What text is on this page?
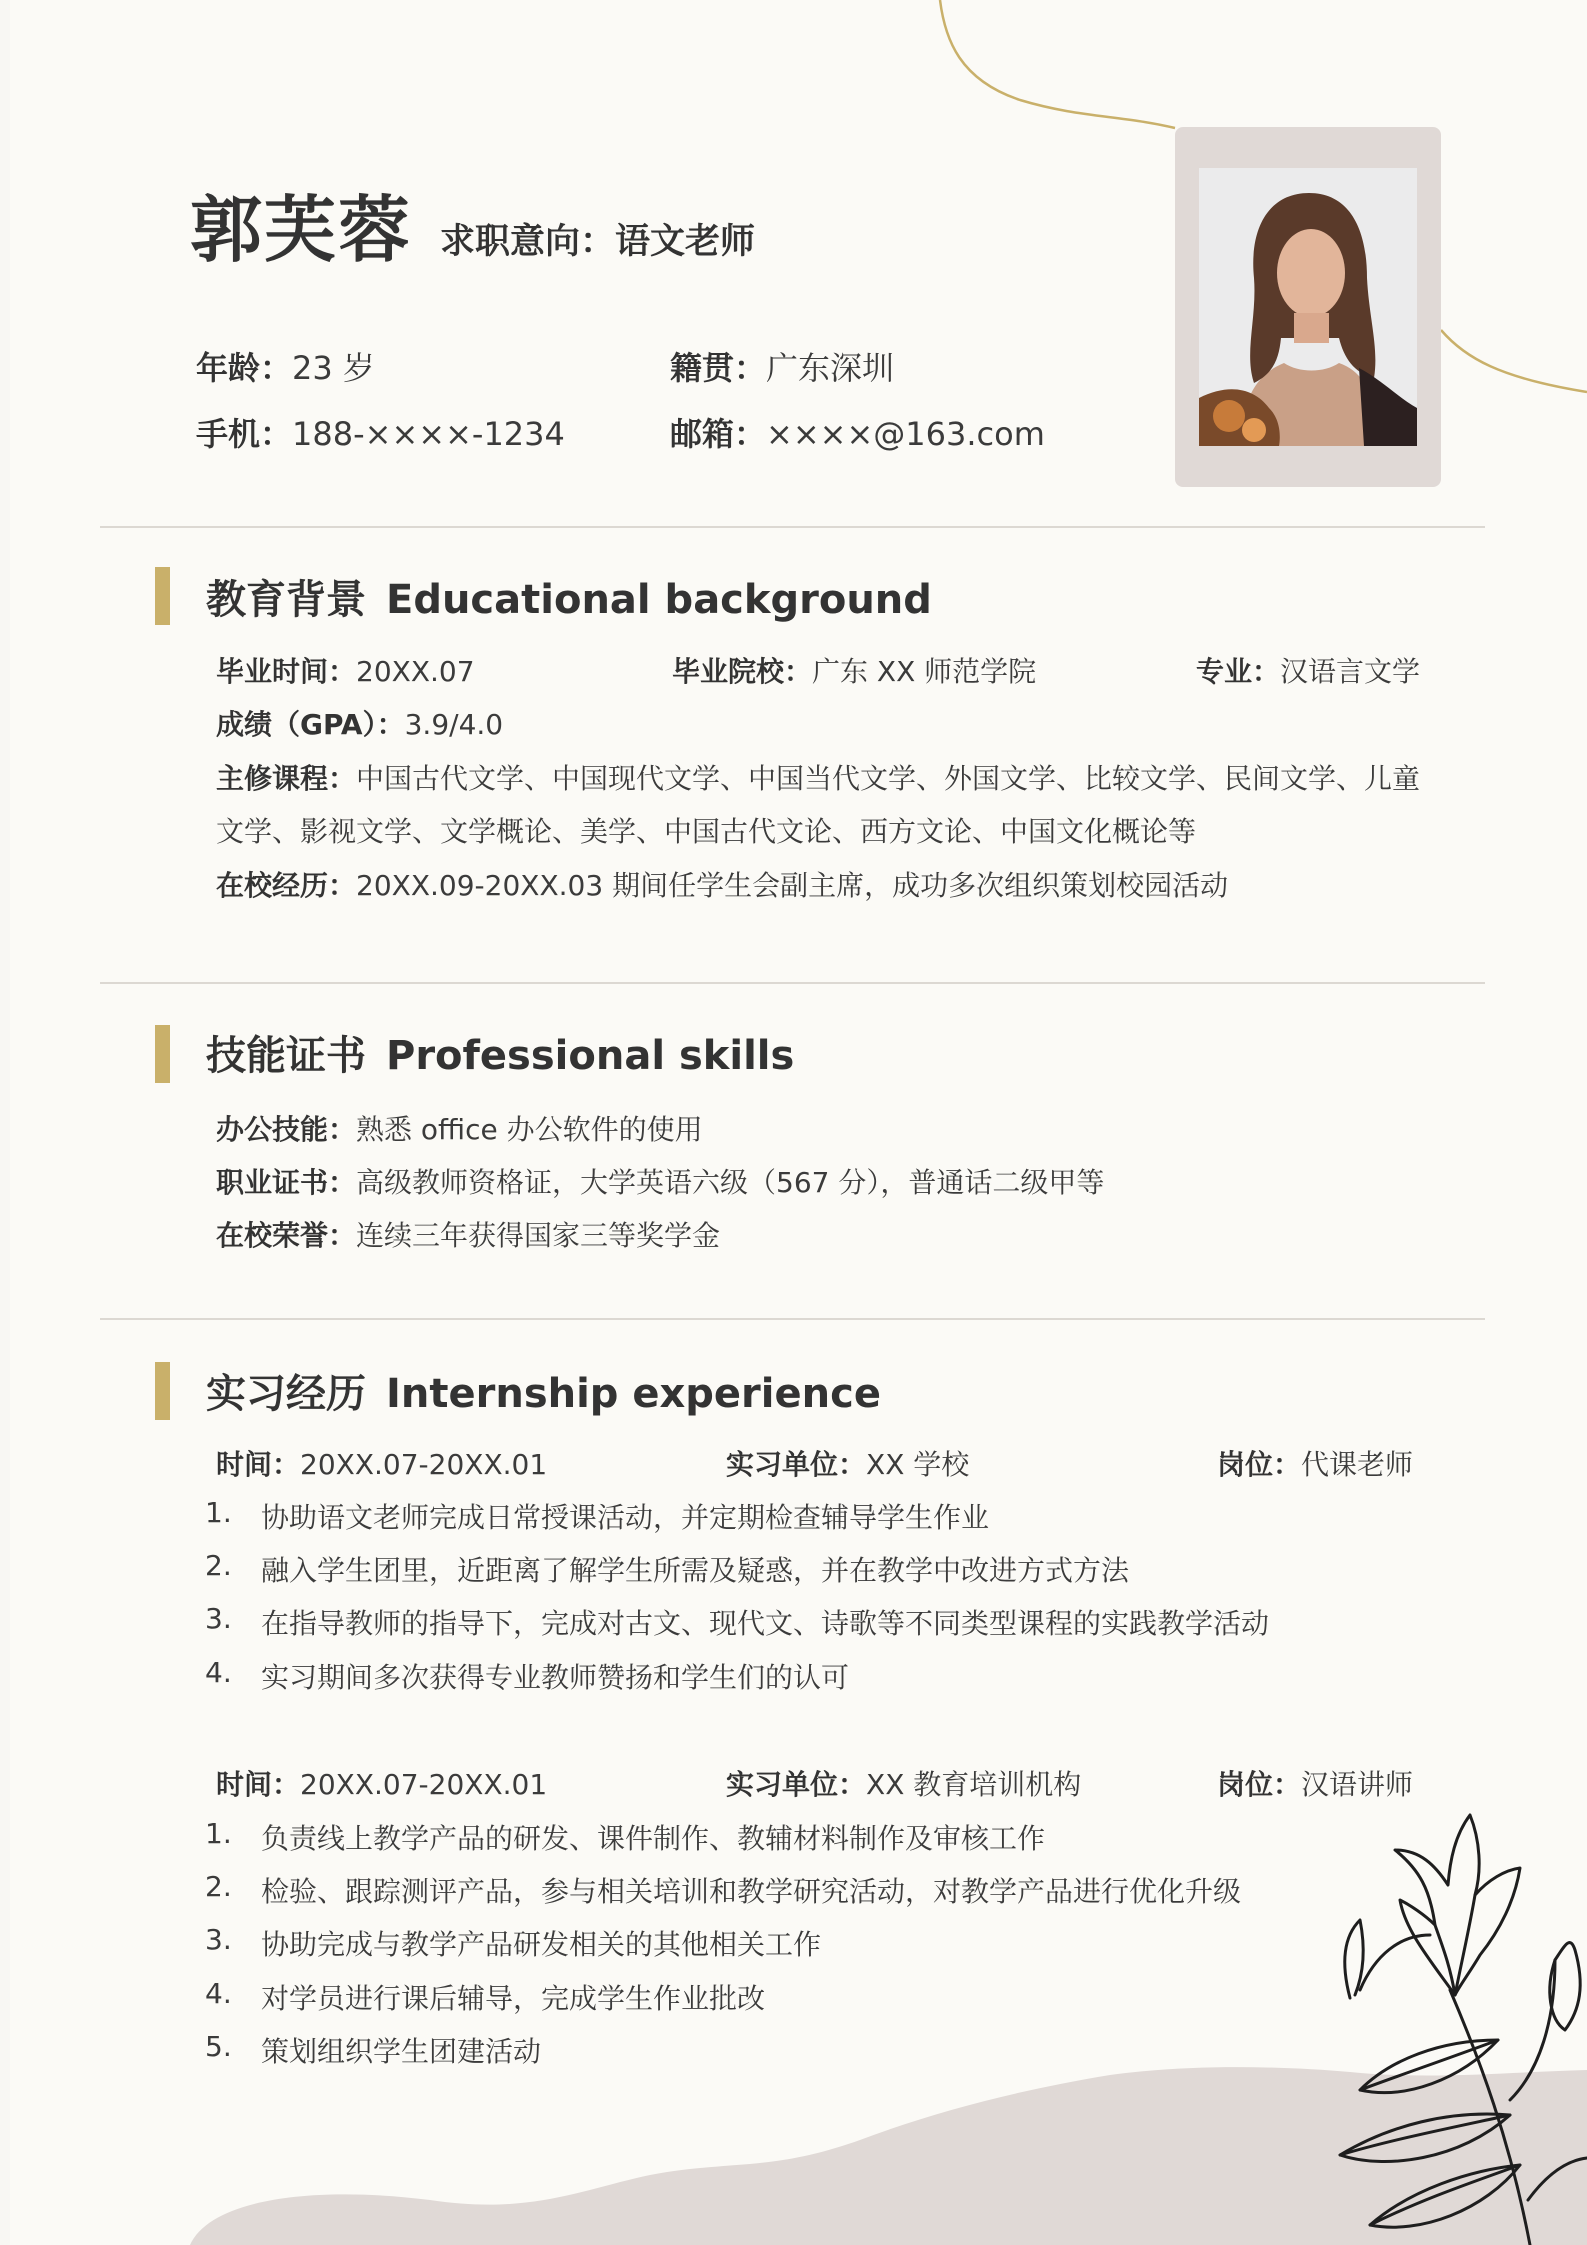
郭芙蓉 求职意向：语文老师
年龄：23 岁	籍贯：广东深圳
手机：188-××××-1234	邮箱：××××@163.com
教育背景 Educational background
毕业时间：20XX.07	毕业院校：广东 XX 师范学院	专业：汉语言文学
成绩（GPA）：3.9/4.0
主修课程：中国古代文学、中国现代文学、中国当代文学、外国文学、比较文学、民间文学、儿童
文学、影视文学、文学概论、美学、中国古代文论、西方文论、中国文化概论等
在校经历：20XX.09-20XX.03 期间任学生会副主席，成功多次组织策划校园活动
技能证书 Professional skills
办公技能：熟悉 office 办公软件的使用
职业证书：高级教师资格证，大学英语六级（567 分），普通话二级甲等
在校荣誉：连续三年获得国家三等奖学金
实习经历 Internship experience
时间：20XX.07-20XX.01	实习单位：XX 学校	岗位：代课老师
1. 协助语文老师完成日常授课活动，并定期检查辅导学生作业
2. 融入学生团里，近距离了解学生所需及疑惑，并在教学中改进方式方法
3. 在指导教师的指导下，完成对古文、现代文、诗歌等不同类型课程的实践教学活动
4. 实习期间多次获得专业教师赞扬和学生们的认可
时间：20XX.07-20XX.01	实习单位：XX 教育培训机构	岗位：汉语讲师
1. 负责线上教学产品的研发、课件制作、教辅材料制作及审核工作
2. 检验、跟踪测评产品，参与相关培训和教学研究活动，对教学产品进行优化升级
3. 协助完成与教学产品研发相关的其他相关工作
4. 对学员进行课后辅导，完成学生作业批改
5. 策划组织学生团建活动
